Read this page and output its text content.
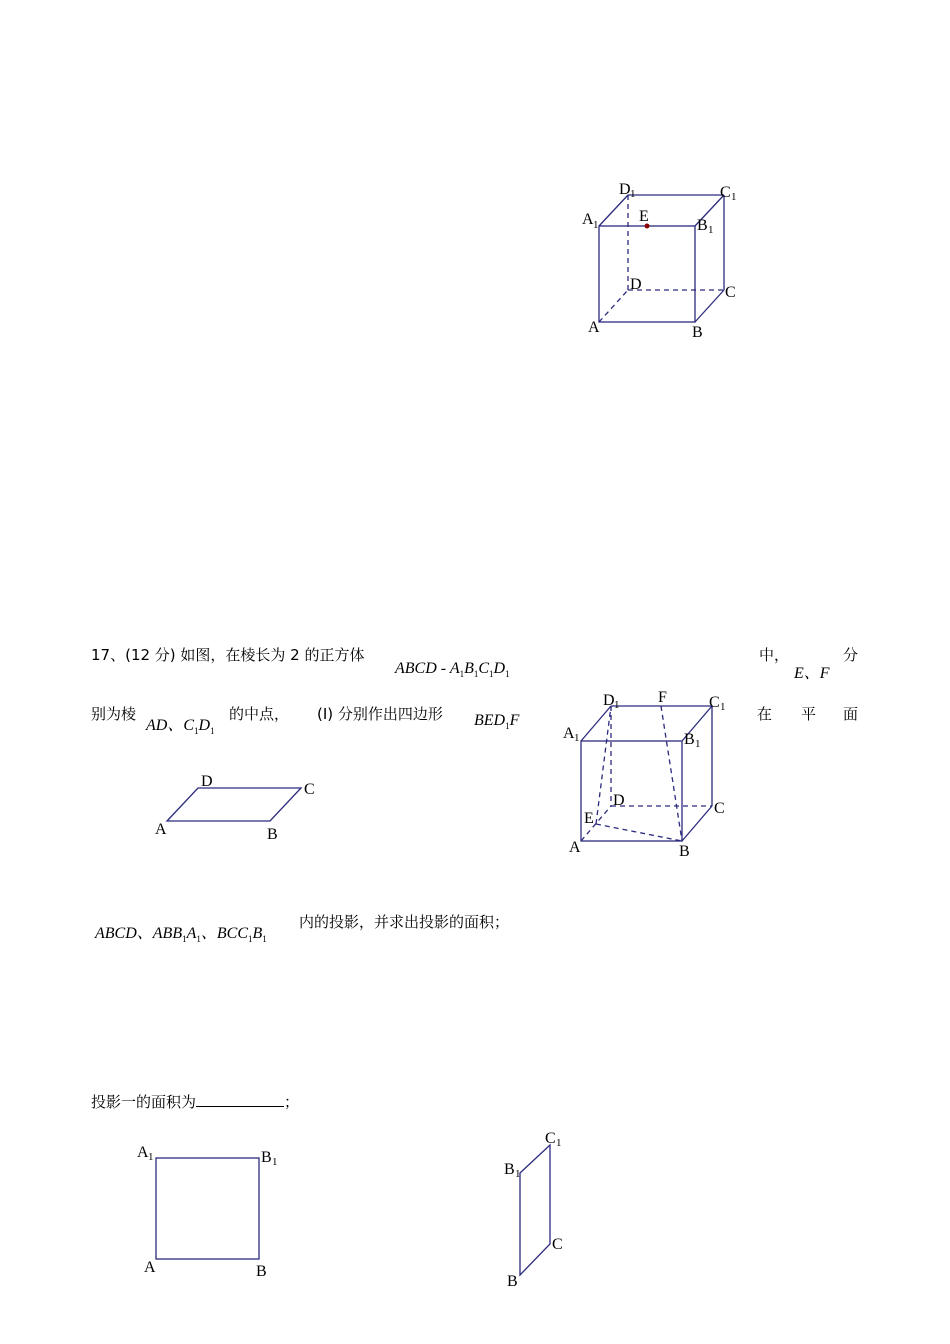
A 1
D 1	C 1
B 1
E
D	C
A	B
17、(12 分) 如图，在棱长为 2 的正方体
ABCD - $A_1B_1C_1D_1$
中，
E、F
分
别为棱
AD、$C_1D_1$
的中点， (I) 分别作出四边形 $BED_1F$	在 平 面
D 1 F	C 1
A 1	B 1
D	C
E
A	B
D	C
A	B
ABCD、$ABB_1A_1$、$BCC_1B_1$
内的投影，并求出投影的面积；
投影一的面积为	；
A 1	B 1
A	B
C 1
B 1
C
B
